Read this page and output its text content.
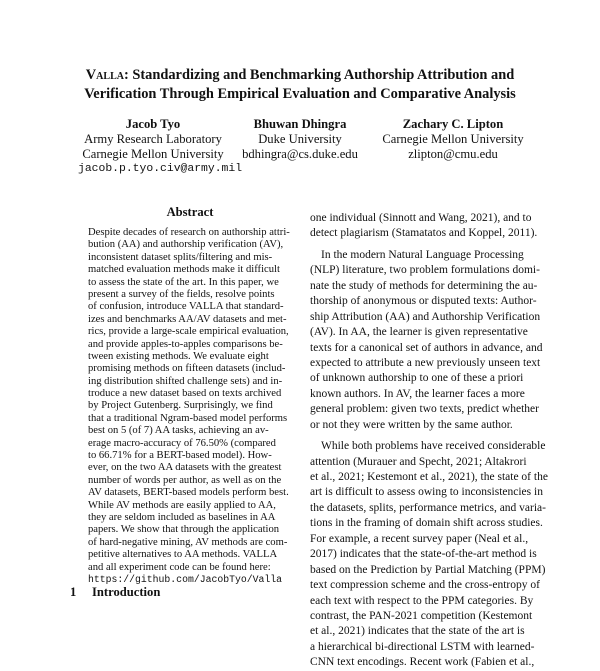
Valla: Standardizing and Benchmarking Authorship Attribution and
Verification Through Empirical Evaluation and Comparative Analysis
Jacob Tyo
Army Research Laboratory
Carnegie Mellon University
jacob.p.tyo.civ@army.mil
Bhuwan Dhingra
Duke University
bdhingra@cs.duke.edu
Zachary C. Lipton
Carnegie Mellon University
zlipton@cmu.edu
Abstract
Despite decades of research on authorship attri-
bution (AA) and authorship verification (AV),
inconsistent dataset splits/filtering and mis-
matched evaluation methods make it difficult
to assess the state of the art. In this paper, we
present a survey of the fields, resolve points
of confusion, introduce VALLA that standard-
izes and benchmarks AA/AV datasets and met-
rics, provide a large-scale empirical evaluation,
and provide apples-to-apples comparisons be-
tween existing methods. We evaluate eight
promising methods on fifteen datasets (includ-
ing distribution shifted challenge sets) and in-
troduce a new dataset based on texts archived
by Project Gutenberg. Surprisingly, we find
that a traditional Ngram-based model performs
best on 5 (of 7) AA tasks, achieving an av-
erage macro-accuracy of 76.50% (compared
to 66.71% for a BERT-based model). How-
ever, on the two AA datasets with the greatest
number of words per author, as well as on the
AV datasets, BERT-based models perform best.
While AV methods are easily applied to AA,
they are seldom included as baselines in AA
papers. We show that through the application
of hard-negative mining, AV methods are com-
petitive alternatives to AA methods. VALLA
and all experiment code can be found here:
https://github.com/JacobTyo/Valla
one individual (Sinnott and Wang, 2021), and to
detect plagiarism (Stamatatos and Koppel, 2011).
In the modern Natural Language Processing
(NLP) literature, two problem formulations domi-
nate the study of methods for determining the au-
thorship of anonymous or disputed texts: Author-
ship Attribution (AA) and Authorship Verification
(AV). In AA, the learner is given representative
texts for a canonical set of authors in advance, and
expected to attribute a new previously unseen text
of unknown authorship to one of these a priori
known authors. In AV, the learner faces a more
general problem: given two texts, predict whether
or not they were written by the same author.
While both problems have received considerable
attention (Murauer and Specht, 2021; Altakrori
et al., 2021; Kestemont et al., 2021), the state of the
art is difficult to assess owing to inconsistencies in
the datasets, splits, performance metrics, and varia-
tions in the framing of domain shift across studies.
For example, a recent survey paper (Neal et al.,
2017) indicates that the state-of-the-art method is
based on the Prediction by Partial Matching (PPM)
text compression scheme and the cross-entropy of
each text with respect to the PPM categories. By
contrast, the PAN-2021 competition (Kestemont
et al., 2021) indicates that the state of the art is
a hierarchical bi-directional LSTM with learned-
CNN text encodings. Recent work (Fabien et al.,
1 Introduction
